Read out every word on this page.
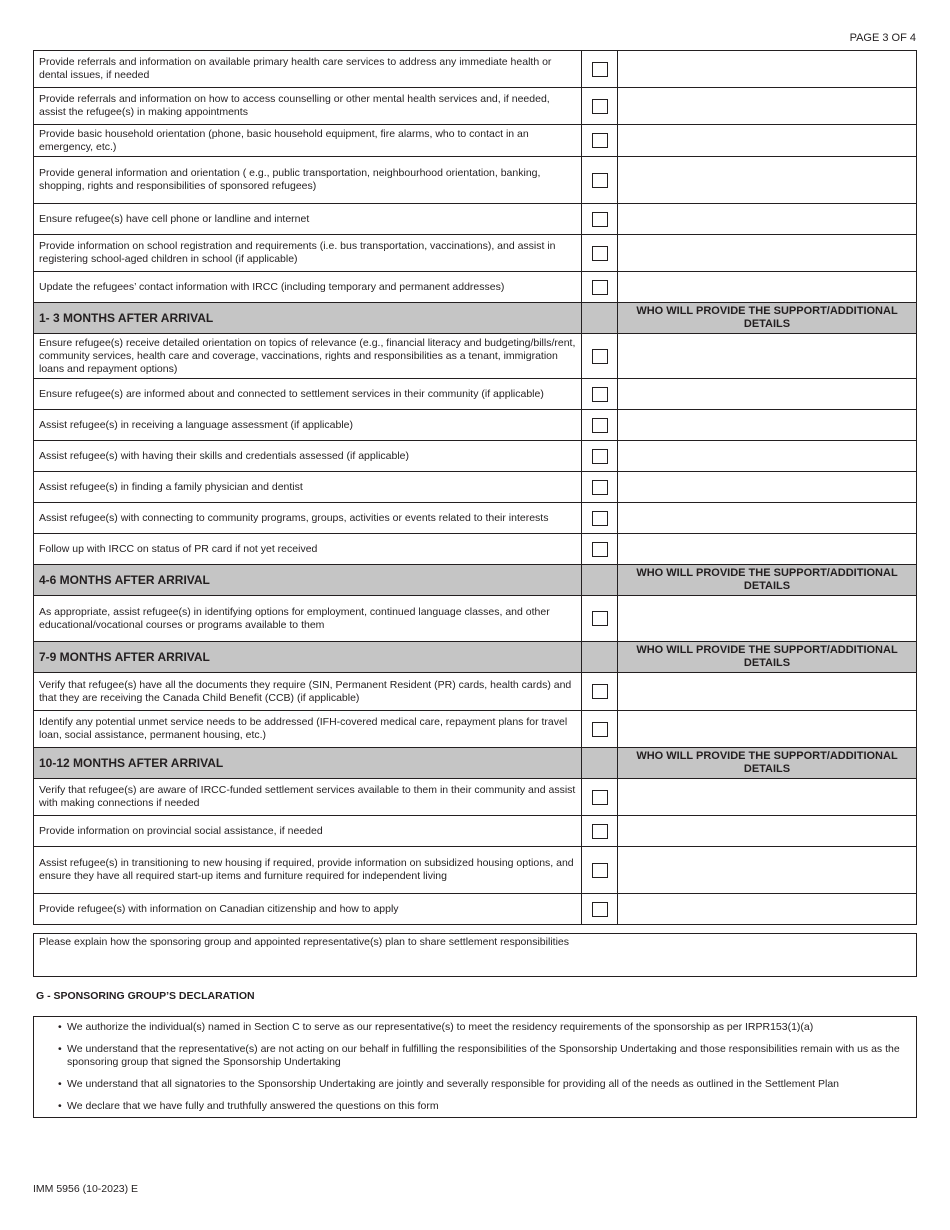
PAGE 3 OF 4
Provide referrals and information on available primary health care services to address any immediate health or dental issues, if needed		
Provide referrals and information on how to access counselling or other mental health services and, if needed, assist the refugee(s) in making appointments		
Provide basic household orientation (phone, basic household equipment, fire alarms, who to contact in an emergency, etc.)		
Provide general information and orientation ( e.g., public transportation, neighbourhood orientation, banking, shopping, rights and responsibilities of sponsored refugees)		
Ensure refugee(s) have cell phone or landline and internet		
Provide information on school registration and requirements (i.e. bus transportation, vaccinations), and assist in registering school-aged children in school (if applicable)		
Update the refugees’ contact information with IRCC (including temporary and permanent addresses)		
1- 3 MONTHS AFTER ARRIVAL		WHO WILL PROVIDE THE SUPPORT/ADDITIONAL DETAILS
Ensure refugee(s) receive detailed orientation on topics of relevance (e.g., financial literacy and budgeting/bills/rent, community services, health care and coverage, vaccinations, rights and responsibilities as a tenant, immigration loans and repayment options)		
Ensure refugee(s) are informed about and connected to settlement services in their community (if applicable)		
Assist refugee(s) in receiving a language assessment (if applicable)		
Assist refugee(s) with having their skills and credentials assessed (if applicable)		
Assist refugee(s) in finding a family physician and dentist		
Assist refugee(s) with connecting to community programs, groups, activities or events related to their interests		
Follow up with IRCC on status of PR card if not yet received		
4-6 MONTHS AFTER ARRIVAL		WHO WILL PROVIDE THE SUPPORT/ADDITIONAL DETAILS
As appropriate, assist refugee(s) in identifying options for employment, continued language classes, and other educational/vocational courses or programs available to them		
7-9 MONTHS AFTER ARRIVAL		WHO WILL PROVIDE THE SUPPORT/ADDITIONAL DETAILS
Verify that refugee(s) have all the documents they require (SIN, Permanent Resident (PR) cards, health cards) and that they are receiving the Canada Child Benefit (CCB) (if applicable)		
Identify any potential unmet service needs to be addressed (IFH-covered medical care, repayment plans for travel loan, social assistance, permanent housing, etc.)		
10-12 MONTHS AFTER ARRIVAL		WHO WILL PROVIDE THE SUPPORT/ADDITIONAL DETAILS
Verify that refugee(s) are aware of IRCC-funded settlement services available to them in their community and assist with making connections if needed		
Provide information on provincial social assistance, if needed		
Assist refugee(s) in transitioning to new housing if required, provide information on subsidized housing options, and ensure they have all required start-up items and furniture required for independent living		
Provide refugee(s) with information on Canadian citizenship and how to apply		
Please explain how the sponsoring group and appointed representative(s) plan to share settlement responsibilities
G - SPONSORING GROUP’S DECLARATION
• We authorize the individual(s) named in Section C to serve as our representative(s) to meet the residency requirements of the sponsorship as per IRPR153(1)(a)
• We understand that the representative(s) are not acting on our behalf in fulfilling the responsibilities of the Sponsorship Undertaking and those responsibilities remain with us as the sponsoring group that signed the Sponsorship Undertaking
• We understand that all signatories to the Sponsorship Undertaking are jointly and severally responsible for providing all of the needs as outlined in the Settlement Plan
• We declare that we have fully and truthfully answered the questions on this form
IMM 5956 (10-2023) E
